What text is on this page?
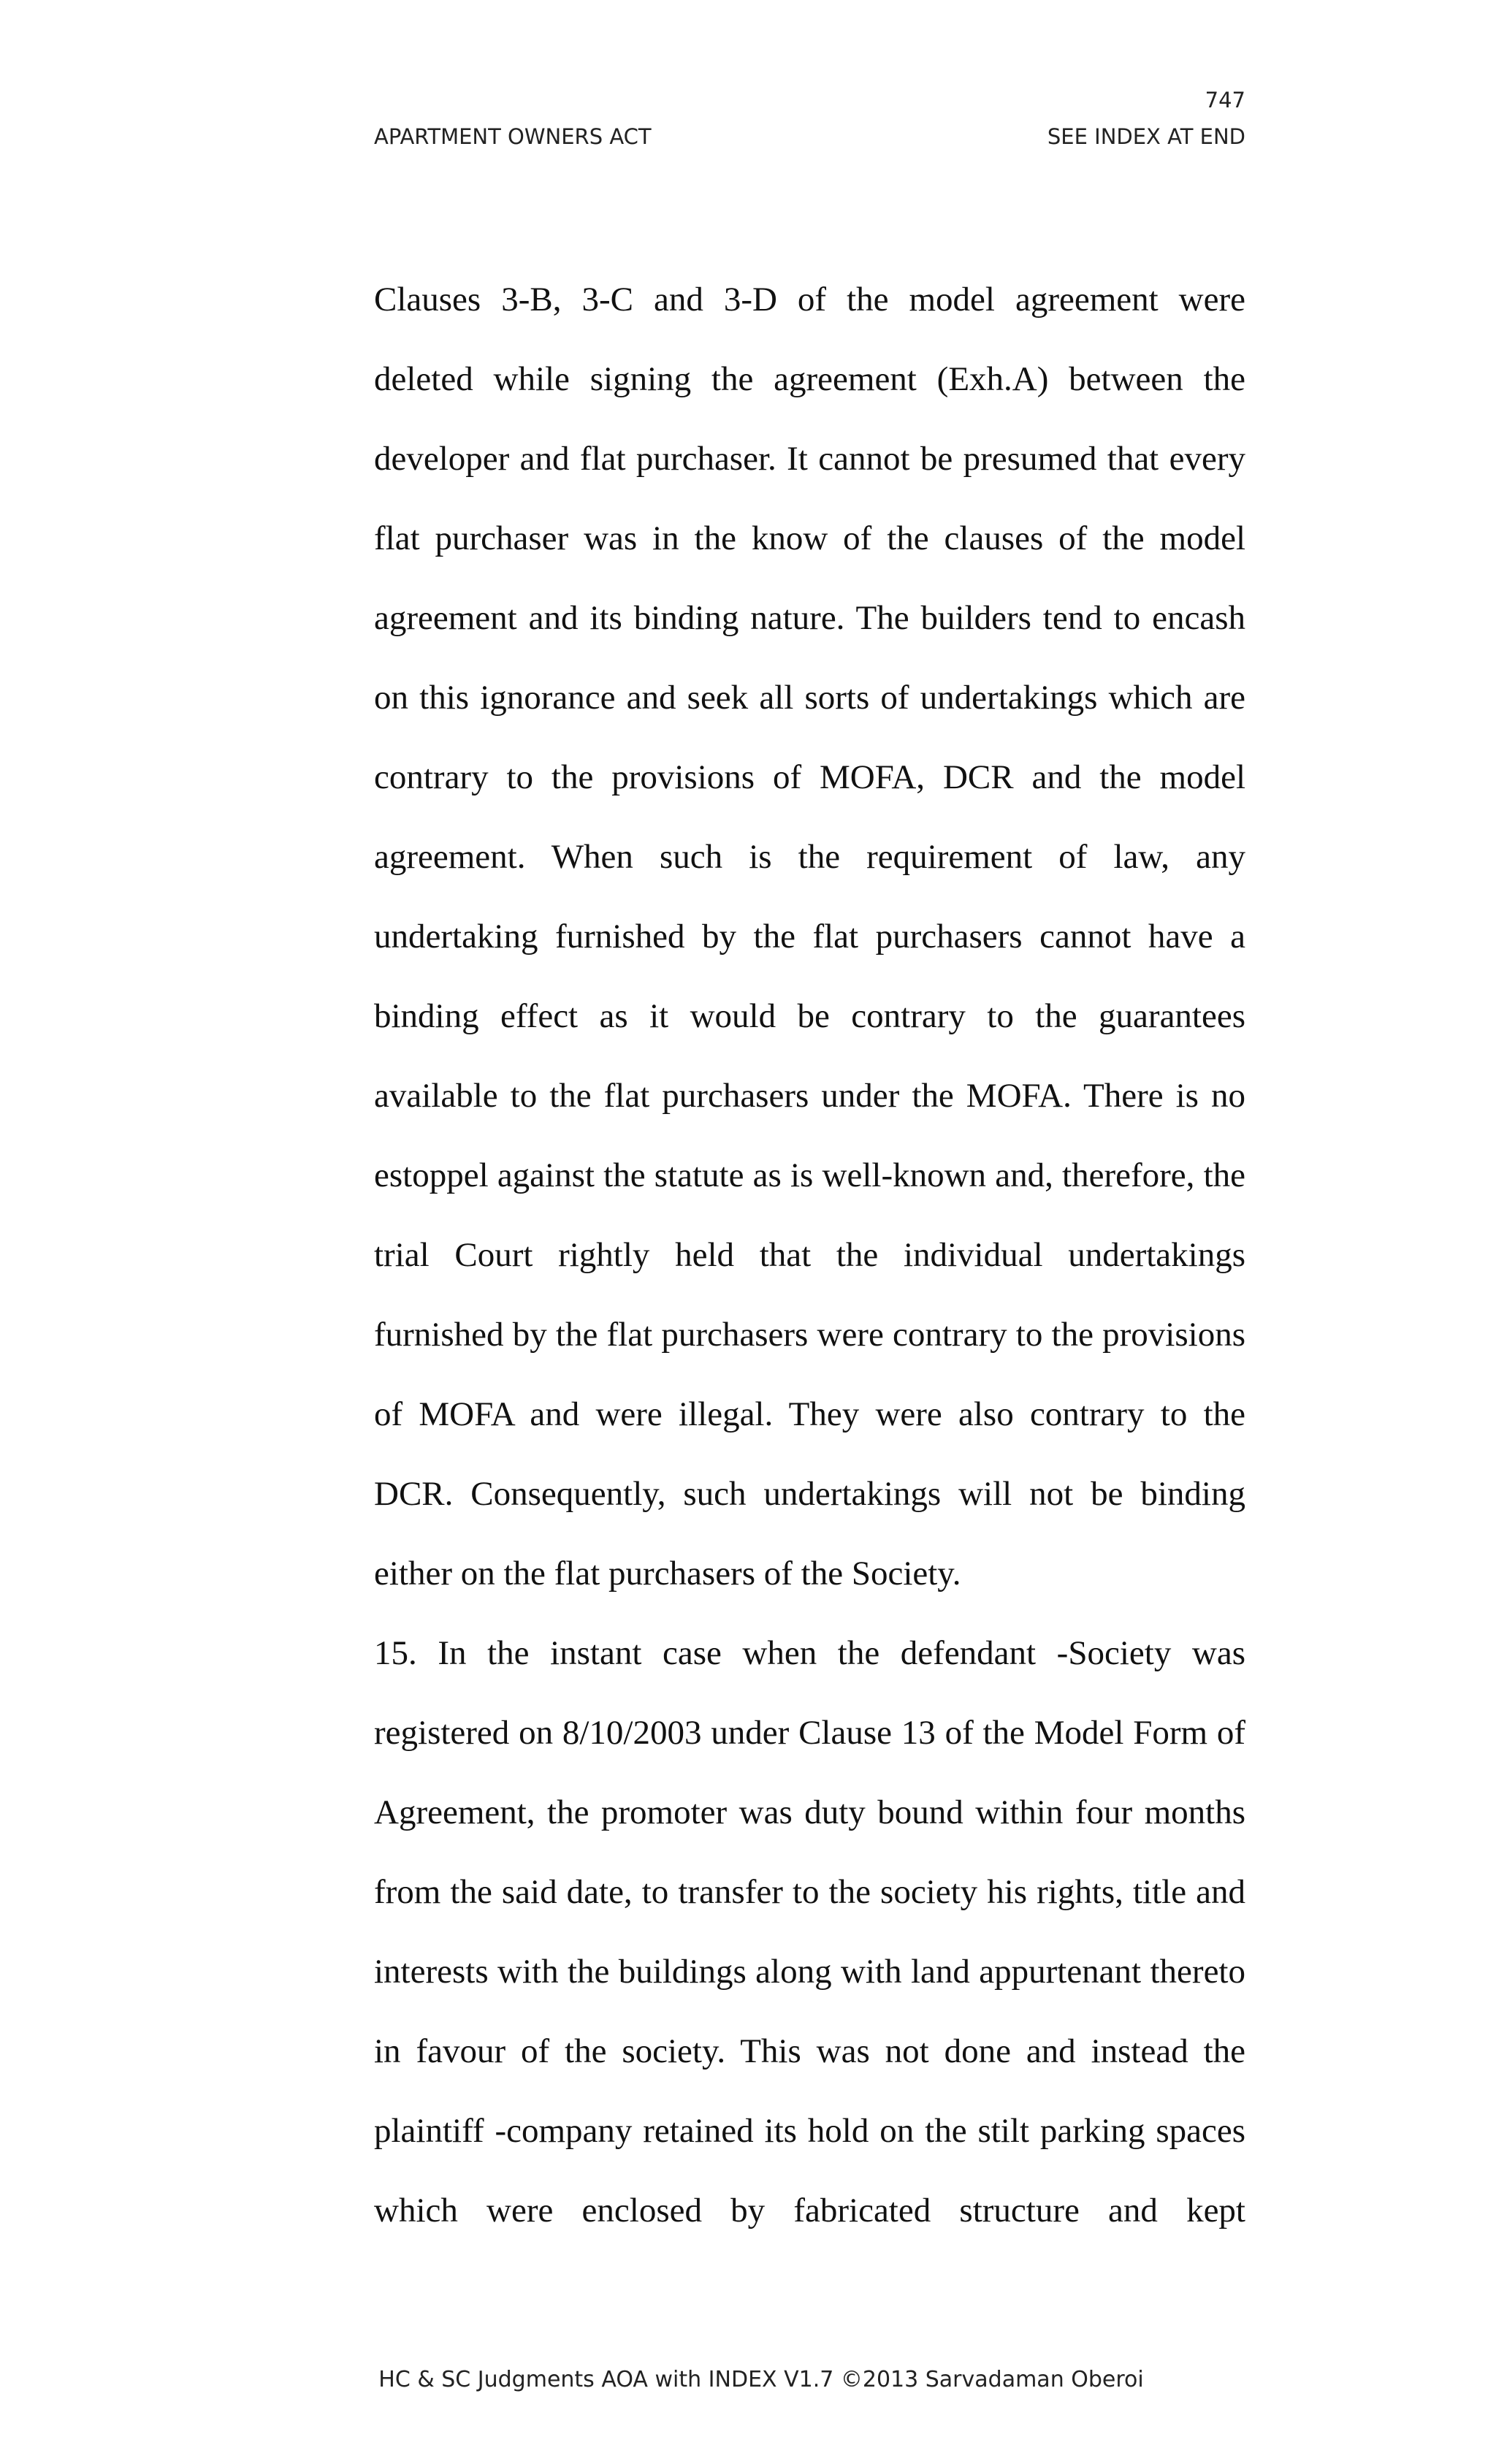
747
APARTMENT OWNERS ACT	SEE INDEX AT END

Clauses 3-B, 3-C and 3-D of the model agreement were deleted while signing the agreement (Exh.A) between the developer and flat purchaser. It cannot be presumed that every flat purchaser was in the know of the clauses of the model agreement and its binding nature. The builders tend to encash on this ignorance and seek all sorts of undertakings which are contrary to the provisions of MOFA, DCR and the model agreement. When such is the requirement of law, any undertaking furnished by the flat purchasers cannot have a binding effect as it would be contrary to the guarantees available to the flat purchasers under the MOFA. There is no estoppel against the statute as is well-known and, therefore, the trial Court rightly held that the individual undertakings furnished by the flat purchasers were contrary to the provisions of MOFA and were illegal. They were also contrary to the DCR. Consequently, such undertakings will not be binding either on the flat purchasers of the Society.

15. In the instant case when the defendant -Society was registered on 8/10/2003 under Clause 13 of the Model Form of Agreement, the promoter was duty bound within four months from the said date, to transfer to the society his rights, title and interests with the buildings along with land appurtenant thereto in favour of the society. This was not done and instead the plaintiff -company retained its hold on the stilt parking spaces which were enclosed by fabricated structure and kept

HC & SC Judgments AOA with INDEX V1.7 ©2013 Sarvadaman Oberoi
